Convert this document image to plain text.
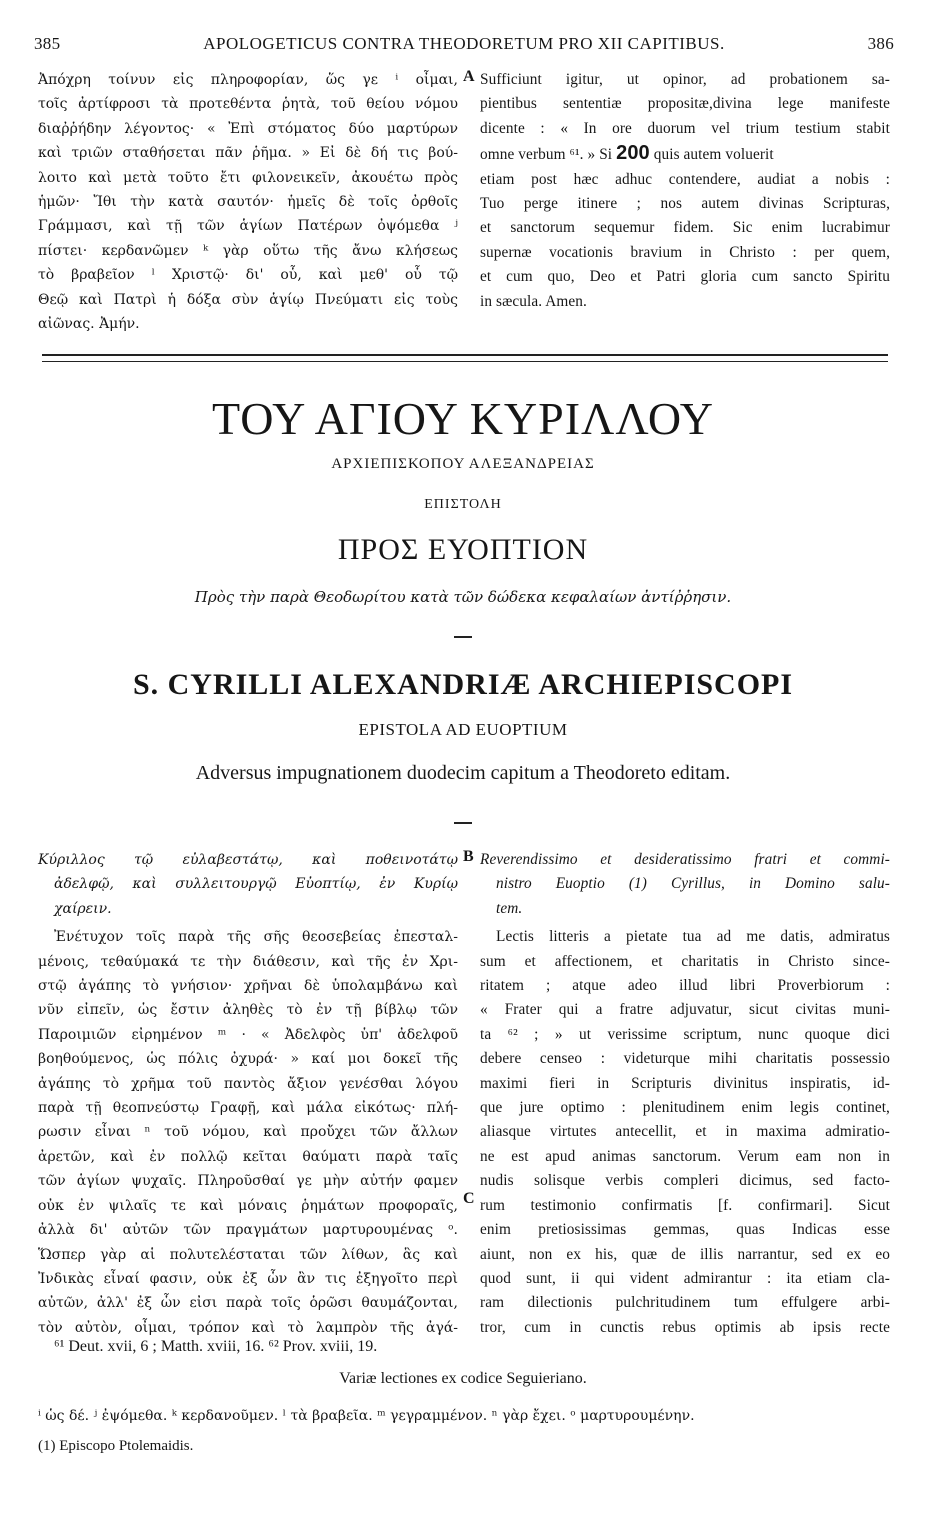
385	APOLOGETICUS CONTRA THEODORETUM PRO XII CAPITIBUS.	386
Ἀπόχρη τοίνυν εἰς πληροφορίαν, ὥς γε ⁱ οἶμαι,
τοῖς ἀρτίφροσι τὰ προτεθέντα ῥητὰ, τοῦ θείου νόμου
διαῤῥήδην λέγοντος· « Ἐπὶ στόματος δύο μαρτύρων
καὶ τριῶν σταθήσεται πᾶν ῥῆμα. » Εἰ δὲ δή τις βού-
λοιτο καὶ μετὰ τοῦτο ἔτι φιλονεικεῖν, ἀκουέτω πρὸς
ἡμῶν· Ἴθι τὴν κατὰ σαυτόν· ἡμεῖς δὲ τοῖς ὀρθοῖς
Γράμμασι, καὶ τῇ τῶν ἁγίων Πατέρων ὀψόμεθα ʲ
πίστει· κερδανῶμεν ᵏ γὰρ οὕτω τῆς ἄνω κλήσεως
τὸ βραβεῖον ˡ Χριστῷ· δι' οὗ, καὶ μεθ' οὗ τῷ
Θεῷ καὶ Πατρὶ ἡ δόξα σὺν ἁγίῳ Πνεύματι εἰς τοὺς
αἰῶνας. Ἀμήν.
A Sufficiunt igitur, ut opinor, ad probationem sa-
pientibus sententiæ propositæ,divina lege manifeste
dicente : « In ore duorum vel trium testium stabit
omne verbum ⁶¹. » Si 200 quis autem voluerit
etiam post hæc adhuc contendere, audiat a nobis :
Tuo perge itinere ; nos autem divinas Scripturas,
et sanctorum sequemur fidem. Sic enim lucrabimur
supernæ vocationis bravium in Christo : per quem,
et cum quo, Deo et Patri gloria cum sancto Spiritu
in sæcula. Amen.
ΤΟΥ ΑΓΙΟΥ ΚΥΡΙΛΛΟΥ
ΑΡΧΙΕΠΙΣΚΟΠΟΥ ΑΛΕΞΑΝΔΡΕΙΑΣ
ΕΠΙΣΤΟΛΗ
ΠΡΟΣ ΕΥΟΠΤΙΟΝ
Πρὸς τὴν παρὰ Θεοδωρίτου κατὰ τῶν δώδεκα κεφαλαίων ἀντίῤῥησιν.
S. CYRILLI ALEXANDRIÆ ARCHIEPISCOPI
EPISTOLA AD EUOPTIUM
Adversus impugnationem duodecim capitum a Theodoreto editam.
Κύριλλος τῷ εὐλαβεστάτῳ, καὶ ποθεινοτάτῳ
ἀδελφῷ, καὶ συλλειτουργῷ Εὐοπτίῳ, ἐν Κυρίῳ
χαίρειν.
Ἐνέτυχον τοῖς παρὰ τῆς σῆς θεοσεβείας ἐπεσταλ-
μένοις, τεθαύμακά τε τὴν διάθεσιν, καὶ τῆς ἐν Χρι-
στῷ ἀγάπης τὸ γνήσιον· χρῆναι δὲ ὑπολαμβάνω καὶ
νῦν εἰπεῖν, ὡς ἔστιν ἀληθὲς τὸ ἐν τῇ βίβλῳ τῶν
Παροιμιῶν εἰρημένον ᵐ · « Ἀδελφὸς ὑπ' ἀδελφοῦ
βοηθούμενος, ὡς πόλις ὀχυρά· » καί μοι δοκεῖ τῆς
ἀγάπης τὸ χρῆμα τοῦ παντὸς ἄξιον γενέσθαι λόγου
παρὰ τῇ θεοπνεύστῳ Γραφῇ, καὶ μάλα εἰκότως· πλή-
ρωσιν εἶναι ⁿ τοῦ νόμου, καὶ προὔχει τῶν ἄλλων
ἀρετῶν, καὶ ἐν πολλῷ κεῖται θαύματι παρὰ ταῖς
τῶν ἁγίων ψυχαῖς. Πληροῦσθαί γε μὴν αὐτήν φαμεν
οὐκ ἐν ψιλαῖς τε καὶ μόναις ῥημάτων προφοραῖς,
ἀλλὰ δι' αὐτῶν τῶν πραγμάτων μαρτυρουμένας ᵒ.
Ὥσπερ γὰρ αἱ πολυτελέσταται τῶν λίθων, ἃς καὶ
Ἰνδικὰς εἶναί φασιν, οὐκ ἐξ ὧν ἂν τις ἐξηγοῖτο περὶ
αὐτῶν, ἀλλ' ἐξ ὧν εἰσι παρὰ τοῖς ὁρῶσι θαυμάζονται,
τὸν αὐτὸν, οἶμαι, τρόπον καὶ τὸ λαμπρὸν τῆς ἀγά-
B
C
Reverendissimo et desideratissimo fratri et commi-
nistro Euoptio (1) Cyrillus, in Domino salu-
tem.
Lectis litteris a pietate tua ad me datis, admiratus
sum et affectionem, et charitatis in Christo since-
ritatem ; atque adeo illud libri Proverbiorum :
« Frater qui a fratre adjuvatur, sicut civitas muni-
ta ⁶² ; » ut verissime scriptum, nunc quoque dici
debere censeo : videturque mihi charitatis possessio
maximi fieri in Scripturis divinitus inspiratis, id-
que jure optimo : plenitudinem enim legis continet,
aliasque virtutes antecellit, et in maxima admiratio-
ne est apud animas sanctorum. Verum eam non in
nudis solisque verbis compleri dicimus, sed facto-
rum testimonio confirmatis [f. confirmari]. Sicut
enim pretiosissimas gemmas, quas Indicas esse
aiunt, non ex his, quæ de illis narrantur, sed ex eo
quod sunt, ii qui vident admirantur : ita etiam cla-
ram dilectionis pulchritudinem tum effulgere arbi-
tror, cum in cunctis rebus optimis ab ipsis recte
⁶¹ Deut. xvii, 6 ; Matth. xviii, 16. ⁶² Prov. xviii, 19.
Variæ lectiones ex codice Seguieriano.
ⁱ ὡς δέ. ʲ ἐψόμεθα. ᵏ κερδανοῦμεν. ˡ τὰ βραβεῖα. ᵐ γεγραμμένον. ⁿ γὰρ ἔχει. ᵒ μαρτυρουμένην.
(1) Episcopo Ptolemaidis.
